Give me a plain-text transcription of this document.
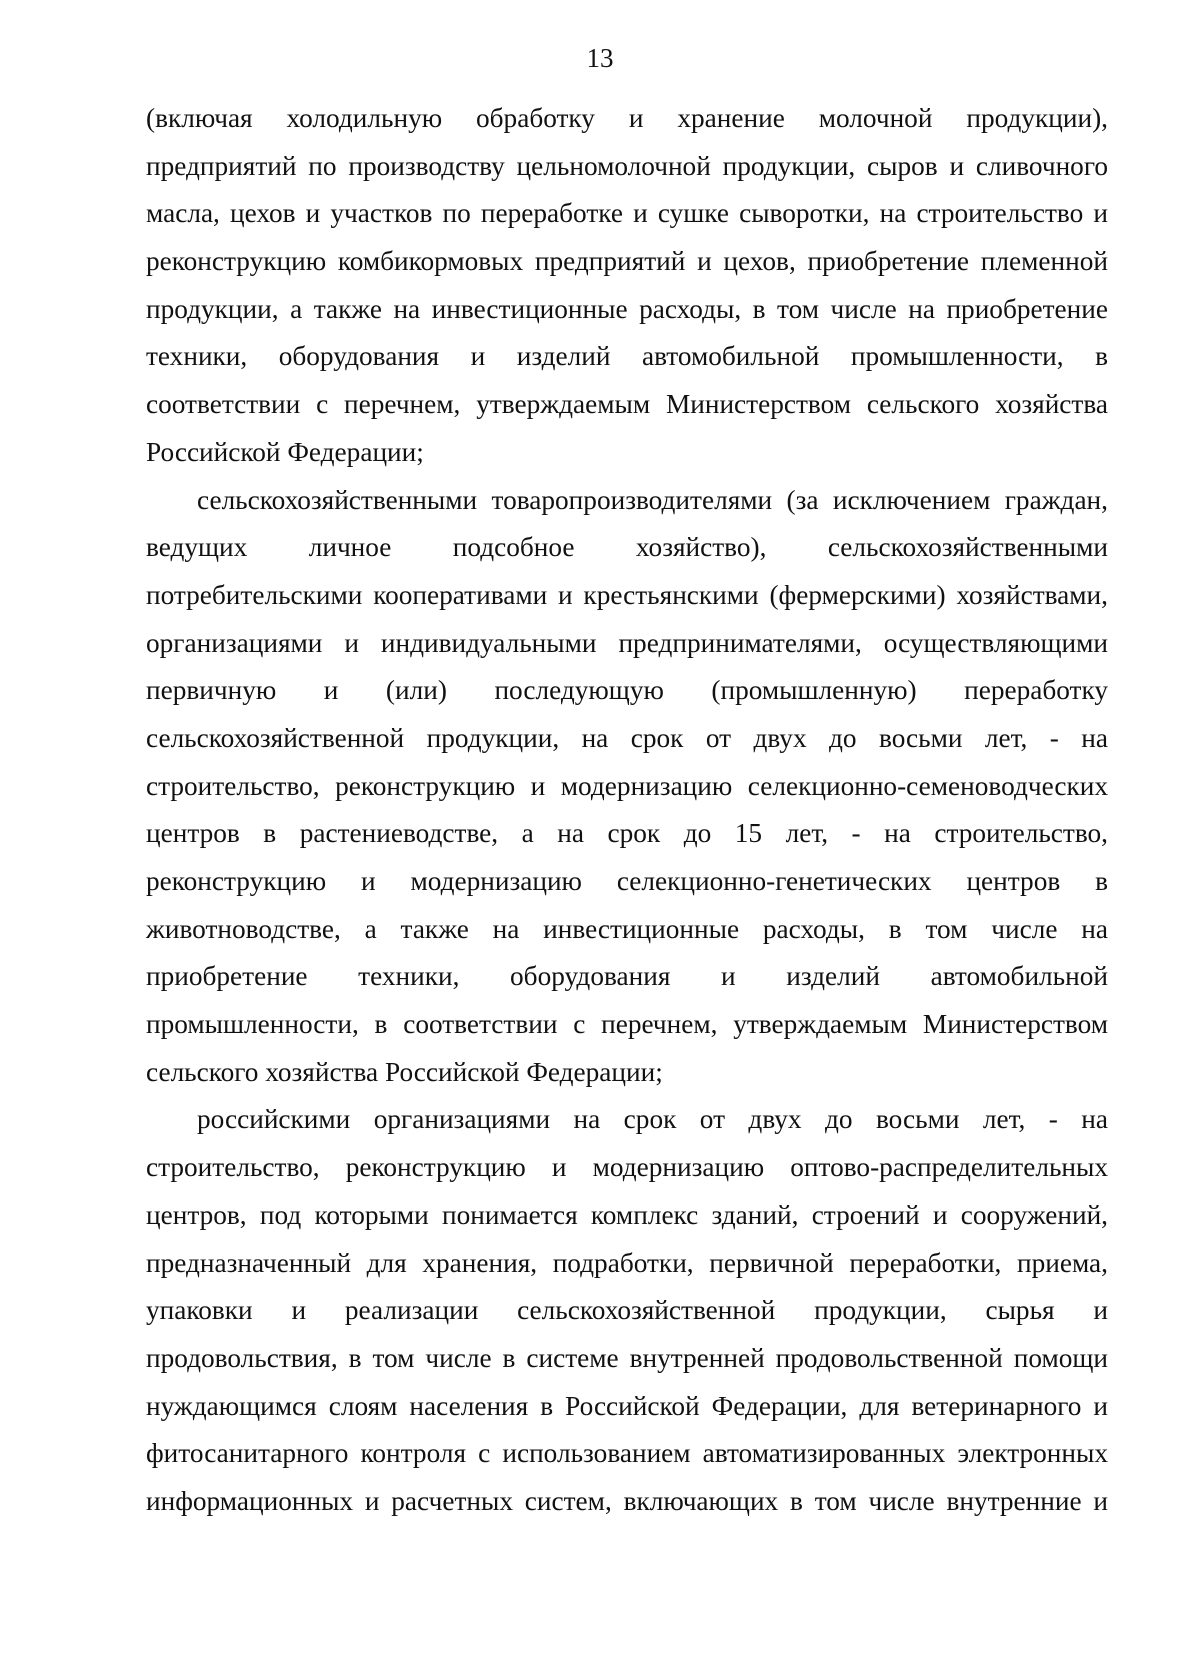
13
(включая холодильную обработку и хранение молочной продукции),
предприятий по производству цельномолочной продукции, сыров и сливочного
масла, цехов и участков по переработке и сушке сыворотки, на строительство и
реконструкцию комбикормовых предприятий и цехов, приобретение племенной
продукции, а также на инвестиционные расходы, в том числе на приобретение
техники, оборудования и изделий автомобильной промышленности, в
соответствии с перечнем, утверждаемым Министерством сельского хозяйства
Российской Федерации;
сельскохозяйственными товаропроизводителями (за исключением граждан,
ведущих личное подсобное хозяйство), сельскохозяйственными
потребительскими кооперативами и крестьянскими (фермерскими) хозяйствами,
организациями и индивидуальными предпринимателями, осуществляющими
первичную и (или) последующую (промышленную) переработку
сельскохозяйственной продукции, на срок от двух до восьми лет, - на
строительство, реконструкцию и модернизацию селекционно-семеноводческих
центров в растениеводстве, а на срок до 15 лет, - на строительство,
реконструкцию и модернизацию селекционно-генетических центров в
животноводстве, а также на инвестиционные расходы, в том числе на
приобретение техники, оборудования и изделий автомобильной
промышленности, в соответствии с перечнем, утверждаемым Министерством
сельского хозяйства Российской Федерации;
российскими организациями на срок от двух до восьми лет, - на
строительство, реконструкцию и модернизацию оптово-распределительных
центров, под которыми понимается комплекс зданий, строений и сооружений,
предназначенный для хранения, подработки, первичной переработки, приема,
упаковки и реализации сельскохозяйственной продукции, сырья и
продовольствия, в том числе в системе внутренней продовольственной помощи
нуждающимся слоям населения в Российской Федерации, для ветеринарного и
фитосанитарного контроля с использованием автоматизированных электронных
информационных и расчетных систем, включающих в том числе внутренние и
